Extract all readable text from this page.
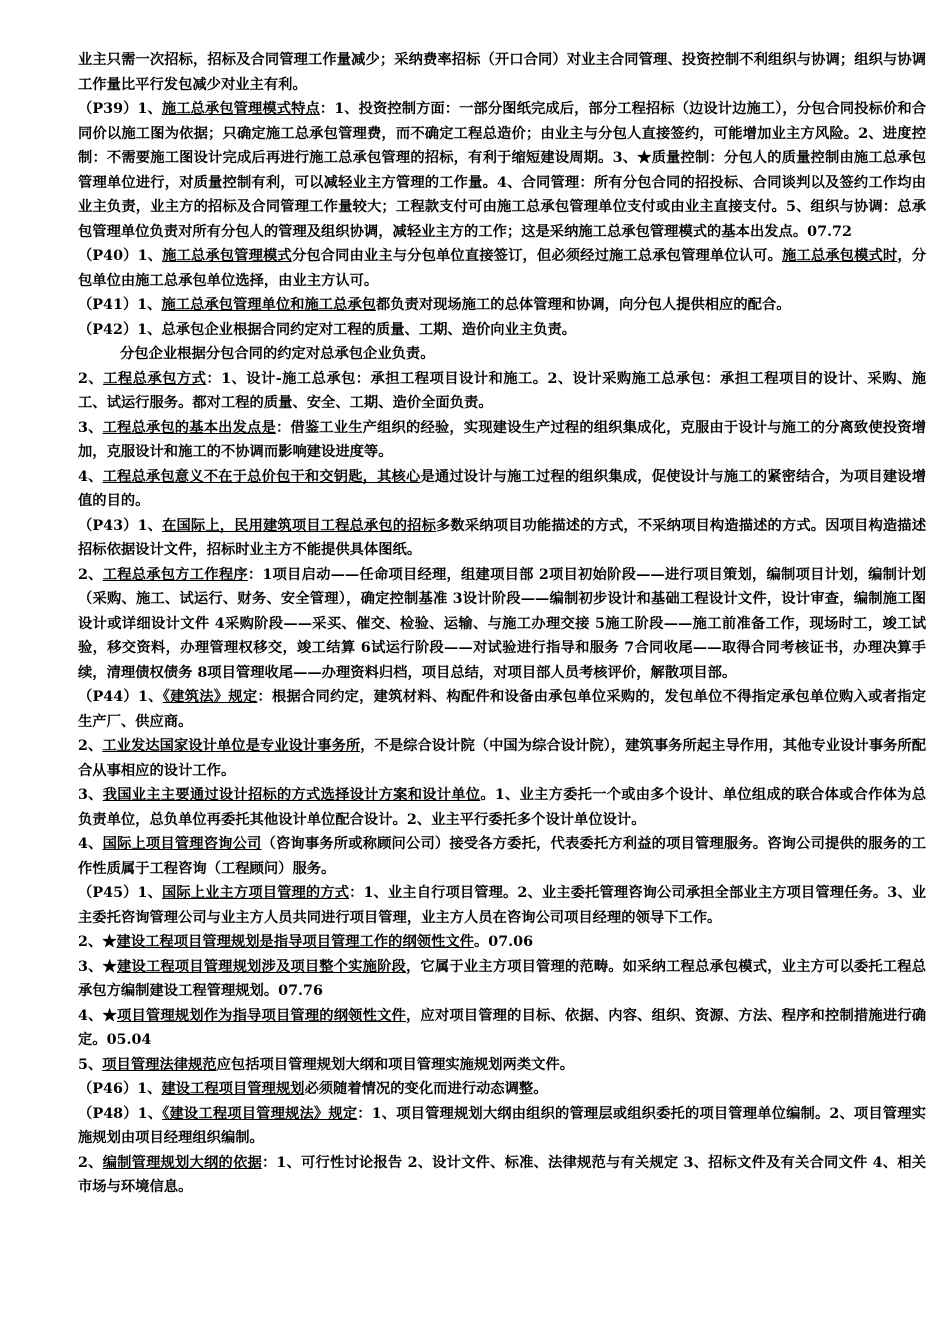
业主只需一次招标，招标及合同管理工作量减少；采纳费率招标（开口合同）对业主合同管理、投资控制不利组织与协调；组织与协调工作量比平行发包减少对业主有利。

（P39）1、施工总承包管理模式特点：1、投资控制方面：一部分图纸完成后，部分工程招标（边设计边施工），分包合同投标价和合同价以施工图为依据；只确定施工总承包管理费，而不确定工程总造价；由业主与分包人直接签约，可能增加业主方风险。2、进度控制：不需要施工图设计完成后再进行施工总承包管理的招标，有利于缩短建设周期。3、★质量控制：分包人的质量控制由施工总承包管理单位进行，对质量控制有利，可以减轻业主方管理的工作量。4、合同管理：所有分包合同的招投标、合同谈判以及签约工作均由业主负责，业主方的招标及合同管理工作量较大；工程款支付可由施工总承包管理单位支付或由业主直接支付。5、组织与协调：总承包管理单位负责对所有分包人的管理及组织协调，减轻业主方的工作；这是采纳施工总承包管理模式的基本出发点。07.72

（P40）1、施工总承包管理模式分包合同由业主与分包单位直接签订，但必须经过施工总承包管理单位认可。施工总承包模式时，分包单位由施工总承包单位选择，由业主方认可。

（P41）1、施工总承包管理单位和施工总承包都负责对现场施工的总体管理和协调，向分包人提供相应的配合。

（P42）1、总承包企业根据合同约定对工程的质量、工期、造价向业主负责。

分包企业根据分包合同的约定对总承包企业负责。

2、工程总承包方式：1、设计-施工总承包：承担工程项目设计和施工。2、设计采购施工总承包：承担工程项目的设计、采购、施工、试运行服务。都对工程的质量、安全、工期、造价全面负责。

3、工程总承包的基本出发点是：借鉴工业生产组织的经验，实现建设生产过程的组织集成化，克服由于设计与施工的分离致使投资增加，克服设计和施工的不协调而影响建设进度等。

4、工程总承包意义不在于总价包干和交钥匙，其核心是通过设计与施工过程的组织集成，促使设计与施工的紧密结合，为项目建设增值的目的。

（P43）1、在国际上，民用建筑项目工程总承包的招标多数采纳项目功能描述的方式，不采纳项目构造描述的方式。因项目构造描述招标依据设计文件，招标时业主方不能提供具体图纸。

2、工程总承包方工作程序：1项目启动——任命项目经理，组建项目部 2项目初始阶段——进行项目策划，编制项目计划，编制计划（采购、施工、试运行、财务、安全管理），确定控制基准 3设计阶段——编制初步设计和基础工程设计文件，设计审查，编制施工图设计或详细设计文件 4采购阶段——采买、催交、检验、运输、与施工办理交接 5施工阶段——施工前准备工作，现场时工，竣工试验，移交资料，办理管理权移交，竣工结算 6试运行阶段——对试验进行指导和服务 7合同收尾——取得合同考核证书，办理决算手续，清理债权债务 8项目管理收尾——办理资料归档，项目总结，对项目部人员考核评价，解散项目部。

（P44）1、《建筑法》规定：根据合同约定，建筑材料、构配件和设备由承包单位采购的，发包单位不得指定承包单位购入或者指定生产厂、供应商。

2、工业发达国家设计单位是专业设计事务所，不是综合设计院（中国为综合设计院），建筑事务所起主导作用，其他专业设计事务所配合从事相应的设计工作。

3、我国业主主要通过设计招标的方式选择设计方案和设计单位。1、业主方委托一个或由多个设计、单位组成的联合体或合作体为总负责单位，总负单位再委托其他设计单位配合设计。2、业主平行委托多个设计单位设计。

4、国际上项目管理咨询公司（咨询事务所或称顾问公司）接受各方委托，代表委托方利益的项目管理服务。咨询公司提供的服务的工作性质属于工程咨询（工程顾问）服务。

（P45）1、国际上业主方项目管理的方式：1、业主自行项目管理。2、业主委托管理咨询公司承担全部业主方项目管理任务。3、业主委托咨询管理公司与业主方人员共同进行项目管理，业主方人员在咨询公司项目经理的领导下工作。

2、★建设工程项目管理规划是指导项目管理工作的纲领性文件。07.06

3、★建设工程项目管理规划涉及项目整个实施阶段，它属于业主方项目管理的范畴。如采纳工程总承包模式，业主方可以委托工程总承包方编制建设工程管理规划。07.76

4、★项目管理规划作为指导项目管理的纲领性文件，应对项目管理的目标、依据、内容、组织、资源、方法、程序和控制措施进行确定。05.04

5、项目管理法律规范应包括项目管理规划大纲和项目管理实施规划两类文件。

（P46）1、建设工程项目管理规划必须随着情况的变化而进行动态调整。

（P48）1、《建设工程项目管理规法》规定：1、项目管理规划大纲由组织的管理层或组织委托的项目管理单位编制。2、项目管理实施规划由项目经理组织编制。

2、编制管理规划大纲的依据：1、可行性讨论报告 2、设计文件、标准、法律规范与有关规定 3、招标文件及有关合同文件 4、相关市场与环境信息。
